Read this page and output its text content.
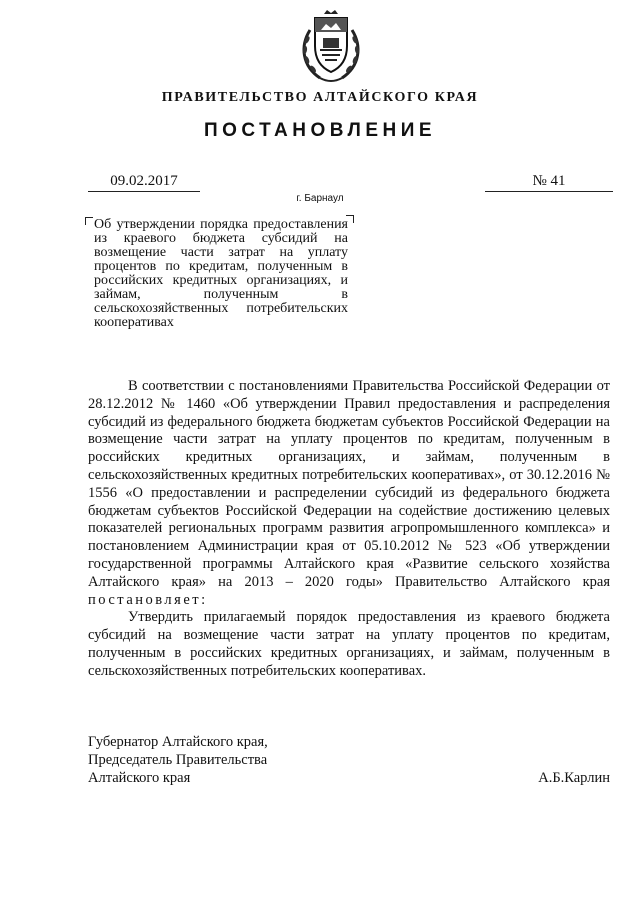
ПРАВИТЕЛЬСТВО АЛТАЙСКОГО КРАЯ
ПОСТАНОВЛЕНИЕ
09.02.2017	№ 41
г. Барнаул
Об утверждении порядка предоставления из краевого бюджета субсидий на возмещение части затрат на уплату процентов по кредитам, полученным в российских кредитных организациях, и займам, полученным в сельскохозяйственных потребительских кооперативах

В соответствии с постановлениями Правительства Российской Федерации от 28.12.2012 № 1460 «Об утверждении Правил предоставления и распределения субсидий из федерального бюджета бюджетам субъектов Российской Федерации на возмещение части затрат на уплату процентов по кредитам, полученным в российских кредитных организациях, и займам, полученным в сельскохозяйственных кредитных потребительских кооперативах», от 30.12.2016 № 1556 «О предоставлении и распределении субсидий из федерального бюджета бюджетам субъектов Российской Федерации на содействие достижению целевых показателей региональных программ развития агропромышленного комплекса» и постановлением Администрации края от 05.10.2012 № 523 «Об утверждении государственной программы Алтайского края «Развитие сельского хозяйства Алтайского края» на 2013 – 2020 годы» Правительство Алтайского края постановляет:

Утвердить прилагаемый порядок предоставления из краевого бюджета субсидий на возмещение части затрат на уплату процентов по кредитам, полученным в российских кредитных организациях, и займам, полученным в сельскохозяйственных потребительских кооперативах.

Губернатор Алтайского края,
Председатель Правительства
Алтайского края	А.Б.Карлин
